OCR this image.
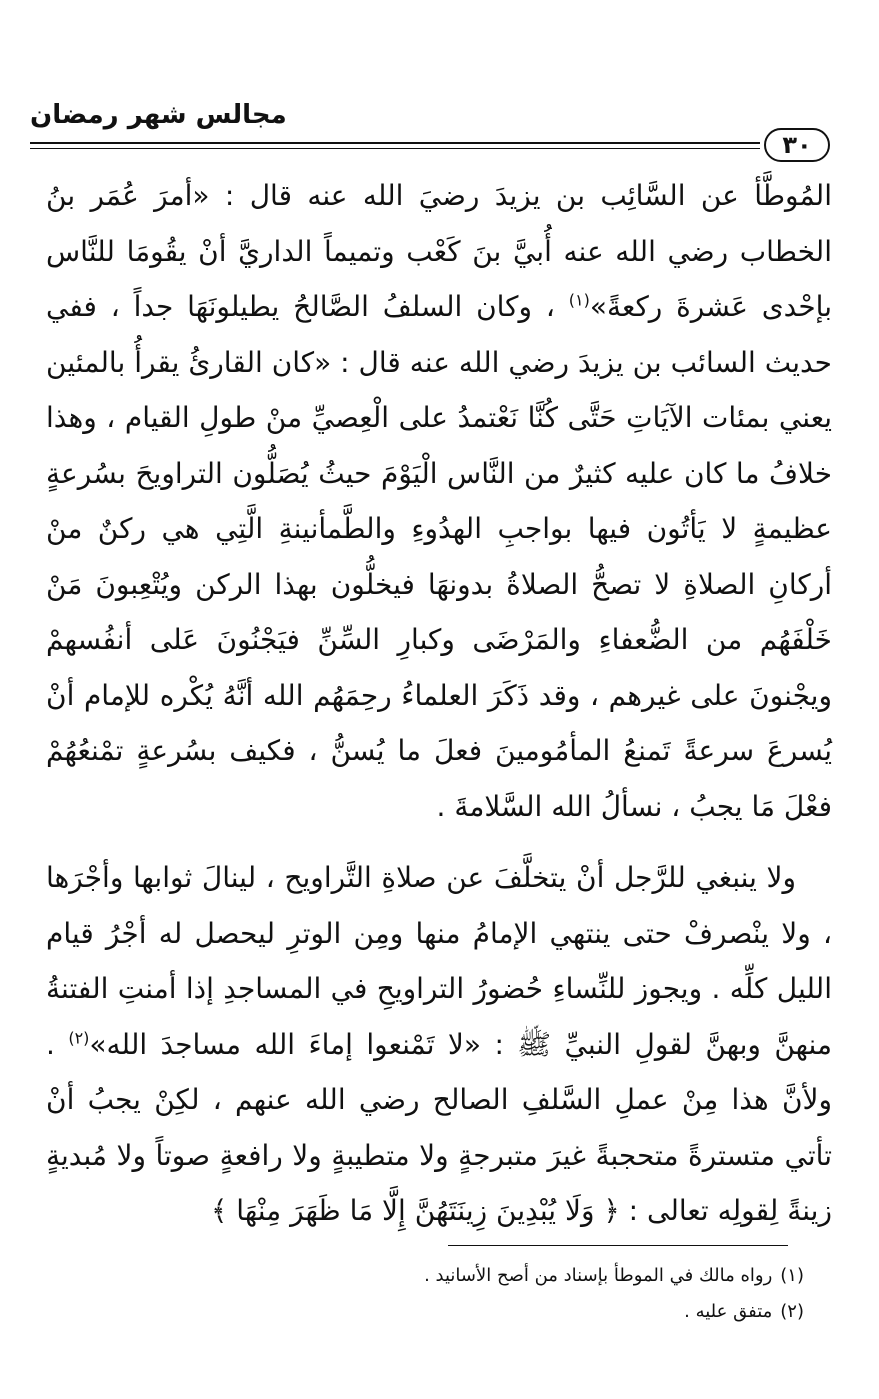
مجالس شهر رمضان
٣٠

المُوطَّأ عن السَّائِب بن يزيدَ رضيَ الله عنه قال : «أمرَ عُمَر بنُ الخطاب رضي الله عنه أُبيَّ بنَ كَعْب وتميماً الداريَّ أنْ يقُومَا للنَّاس بإحْدى عَشرةَ ركعةً»$^{(١)}$ ، وكان السلفُ الصَّالحُ يطيلونَهَا جداً ، ففي حديث السائب بن يزيدَ رضي الله عنه قال : «كان القارئُ يقرأُ بالمئين يعني بمئات الآيَاتِ حَتَّى كُنَّا نَعْتمدُ على الْعِصيِّ منْ طولِ القيام ، وهذا خلافُ ما كان عليه كثيرٌ من النَّاس الْيَوْمَ حيثُ يُصَلُّون التراويحَ بسُرعةٍ عظيمةٍ لا يَأتُون فيها بواجبِ الهدُوءِ والطَّمأنينةِ الَّتِي هي ركنٌ منْ أركانِ الصلاةِ لا تصحُّ الصلاةُ بدونهَا فيخلُّون بهذا الركن ويُتْعِبونَ مَنْ خَلْفَهُم من الضُّعفاءِ والمَرْضَى وكبارِ السِّنِّ فيَجْنُونَ عَلى أنفُسهمْ ويجْنونَ على غيرهم ، وقد ذَكَرَ العلماءُ رحِمَهُم الله أنَّهُ يُكْره للإمام أنْ يُسرعَ سرعةً تَمنعُ المأمُومينَ فعلَ ما يُسنُّ ، فكيف بسُرعةٍ تمْنعُهُمْ فعْلَ مَا يجبُ ، نسألُ الله السَّلامةَ .

ولا ينبغي للرَّجل أنْ يتخلَّفَ عن صلاةِ التَّراويح ، لينالَ ثوابها وأجْرَها ، ولا ينْصرفْ حتى ينتهي الإمامُ منها ومِن الوترِ ليحصل له أجْرُ قيام الليل كلِّه . ويجوز للنِّساءِ حُضورُ التراويحِ في المساجدِ إذا أمنتِ الفتنةُ منهنَّ وبهنَّ لقولِ النبيِّ ﷺ : «لا تَمْنعوا إماءَ الله مساجدَ الله»$^{(٢)}$ . ولأنَّ هذا مِنْ عملِ السَّلفِ الصالح رضي الله عنهم ، لكِنْ يجبُ أنْ تأتي متسترةً متحجبةً غيرَ متبرجةٍ ولا متطيبةٍ ولا رافعةٍ صوتاً ولا مُبديةٍ زينةً لِقولِه تعالى : ﴿ وَلَا يُبْدِينَ زِينَتَهُنَّ إِلَّا مَا ظَهَرَ مِنْهَا ﴾

(١)رواه مالك في الموطأ بإسناد من أصح الأسانيد .
(٢)متفق عليه .
